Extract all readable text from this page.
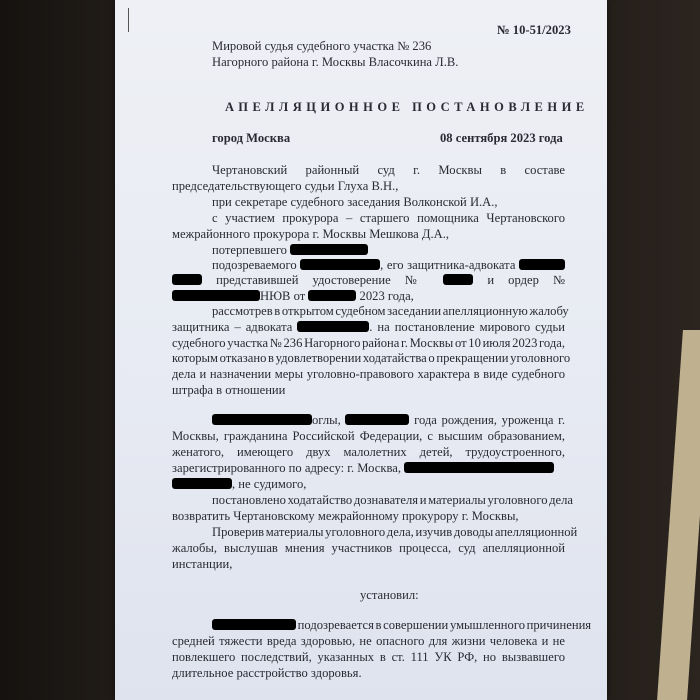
№ 10-51/2023
Мировой судья судебного участка № 236
Нагорного района г. Москвы Власочкина Л.В.
АПЕЛЛЯЦИОННОЕ ПОСТАНОВЛЕНИЕ
город Москва	08 сентября 2023 года
Чертановский районный суд г. Москвы в составе
председательствующего судьи Глуха В.Н.,
при секретаре судебного заседания Волконской И.А.,
с участием прокурора – старшего помощника Чертановского
межрайонного прокурора г. Москвы Мешкова Д.А.,
потерпевшего
подозреваемого	, его защитника-адвоката
представившей удостоверение №	и ордер №
НЮВ от	2023 года,
рассмотрев в открытом судебном заседании апелляционную жалобу
защитника – адвоката	. на постановление мирового судьи
судебного участка № 236 Нагорного района г. Москвы от 10 июля 2023 года,
которым отказано в удовлетворении ходатайства о прекращении уголовного
дела и назначении меры уголовно-правового характера в виде судебного
штрафа в отношении
оглы,	года рождения, уроженца г.
Москвы, гражданина Российской Федерации, с высшим образованием,
женатого, имеющего двух малолетних детей, трудоустроенного,
зарегистрированного по адресу: г. Москва,
, не судимого,
постановлено ходатайство дознавателя и материалы уголовного дела
возвратить Чертановскому межрайонному прокурору г. Москвы,
Проверив материалы уголовного дела, изучив доводы апелляционной
жалобы, выслушав мнения участников процесса, суд апелляционной
инстанции,
установил:
подозревается в совершении умышленного причинения
средней тяжести вреда здоровью, не опасного для жизни человека и не
повлекшего последствий, указанных в ст. 111 УК РФ, но вызвавшего
длительное расстройство здоровья.
